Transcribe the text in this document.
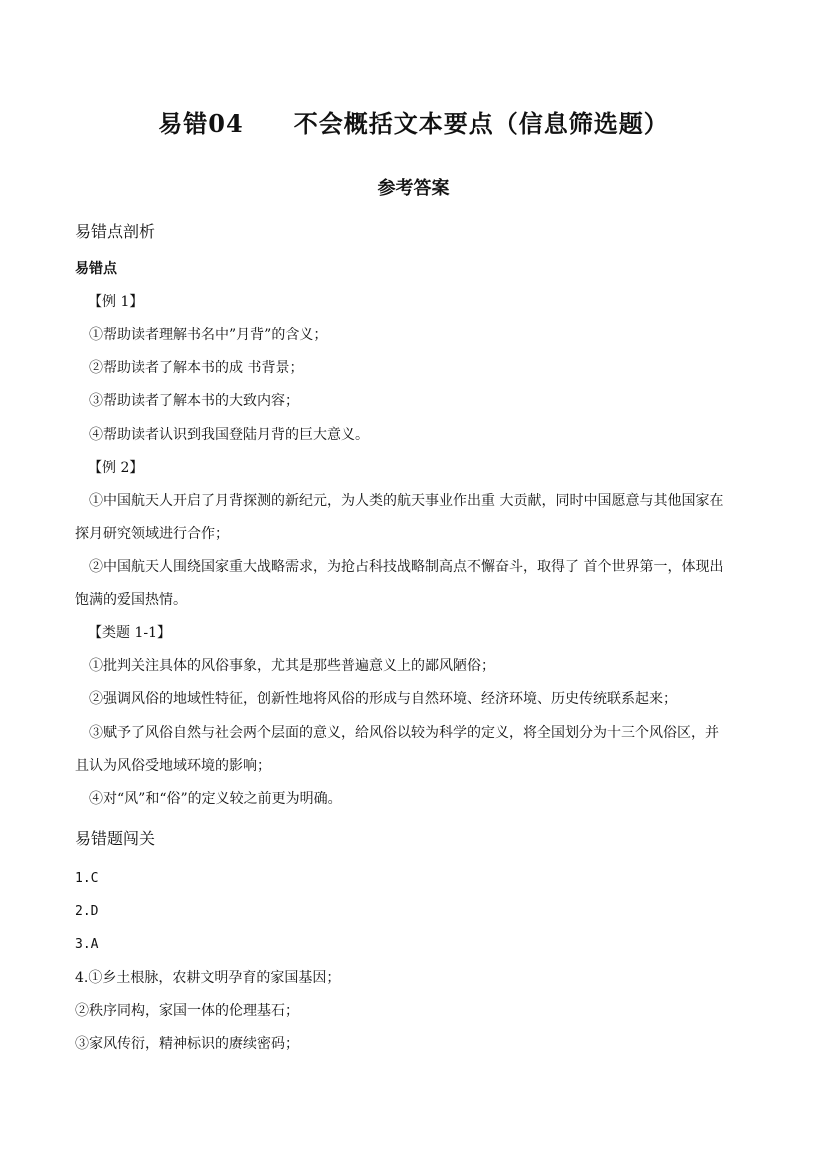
易错04 不会概括文本要点（信息筛选题）
参考答案
易错点剖析
易错点
【例 1】
①帮助读者理解书名中”月背”的含义；
②帮助读者了解本书的成 书背景；
③帮助读者了解本书的大致内容；
④帮助读者认识到我国登陆月背的巨大意义。
【例 2】
①中国航天人开启了月背探测的新纪元，为人类的航天事业作出重 大贡献，同时中国愿意与其他国家在
探月研究领域进行合作；
②中国航天人围绕国家重大战略需求，为抢占科技战略制高点不懈奋斗，取得了 首个世界第一，体现出
饱满的爱国热情。
【类题 1-1】
①批判关注具体的风俗事象，尤其是那些普遍意义上的鄙风陋俗；
②强调风俗的地域性特征，创新性地将风俗的形成与自然环境、经济环境、历史传统联系起来；
③赋予了风俗自然与社会两个层面的意义，给风俗以较为科学的定义，将全国划分为十三个风俗区，并
且认为风俗受地域环境的影响；
④对“风”和“俗”的定义较之前更为明确。
易错题闯关
1.C
2.D
3.A
4.①乡土根脉，农耕文明孕育的家国基因；
②秩序同构，家国一体的伦理基石；
③家风传衍，精神标识的赓续密码；
